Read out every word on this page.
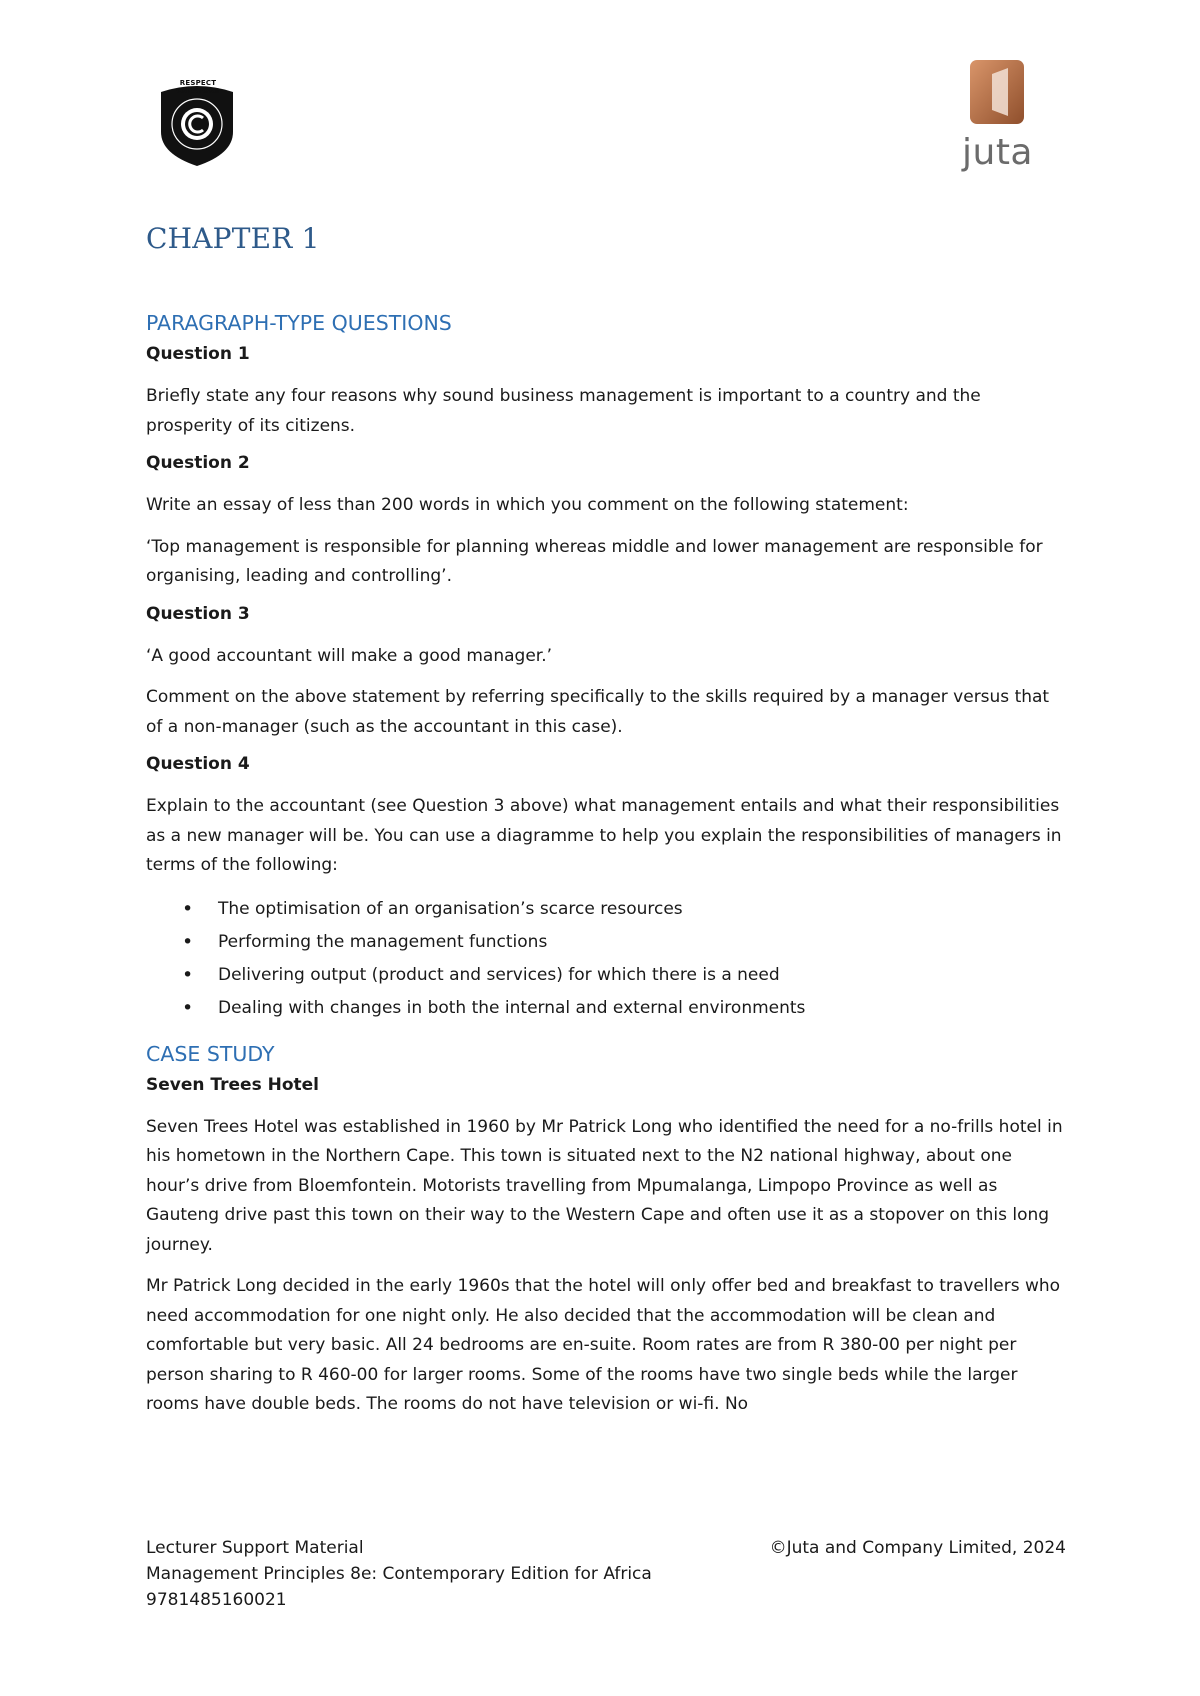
RESPECT CREATORS
juta
CHAPTER 1
PARAGRAPH-TYPE QUESTIONS
Question 1

Briefly state any four reasons why sound business management is important to a country and the prosperity of its citizens.

Question 2

Write an essay of less than 200 words in which you comment on the following statement:

‘Top management is responsible for planning whereas middle and lower management are responsible for organising, leading and controlling’.

Question 3

‘A good accountant will make a good manager.’

Comment on the above statement by referring specifically to the skills required by a manager versus that of a non-manager (such as the accountant in this case).

Question 4

Explain to the accountant (see Question 3 above) what management entails and what their responsibilities as a new manager will be. You can use a diagramme to help you explain the responsibilities of managers in terms of the following:

• The optimisation of an organisation’s scarce resources
• Performing the management functions
• Delivering output (product and services) for which there is a need
• Dealing with changes in both the internal and external environments
CASE STUDY
Seven Trees Hotel

Seven Trees Hotel was established in 1960 by Mr Patrick Long who identified the need for a no-frills hotel in his hometown in the Northern Cape. This town is situated next to the N2 national highway, about one hour’s drive from Bloemfontein. Motorists travelling from Mpumalanga, Limpopo Province as well as Gauteng drive past this town on their way to the Western Cape and often use it as a stopover on this long journey.

Mr Patrick Long decided in the early 1960s that the hotel will only offer bed and breakfast to travellers who need accommodation for one night only. He also decided that the accommodation will be clean and comfortable but very basic. All 24 bedrooms are en-suite. Room rates are from R 380-00 per night per person sharing to R 460-00 for larger rooms. Some of the rooms have two single beds while the larger rooms have double beds. The rooms do not have television or wi-fi. No

Lecturer Support Material	©Juta and Company Limited, 2024
Management Principles 8e: Contemporary Edition for Africa
9781485160021
